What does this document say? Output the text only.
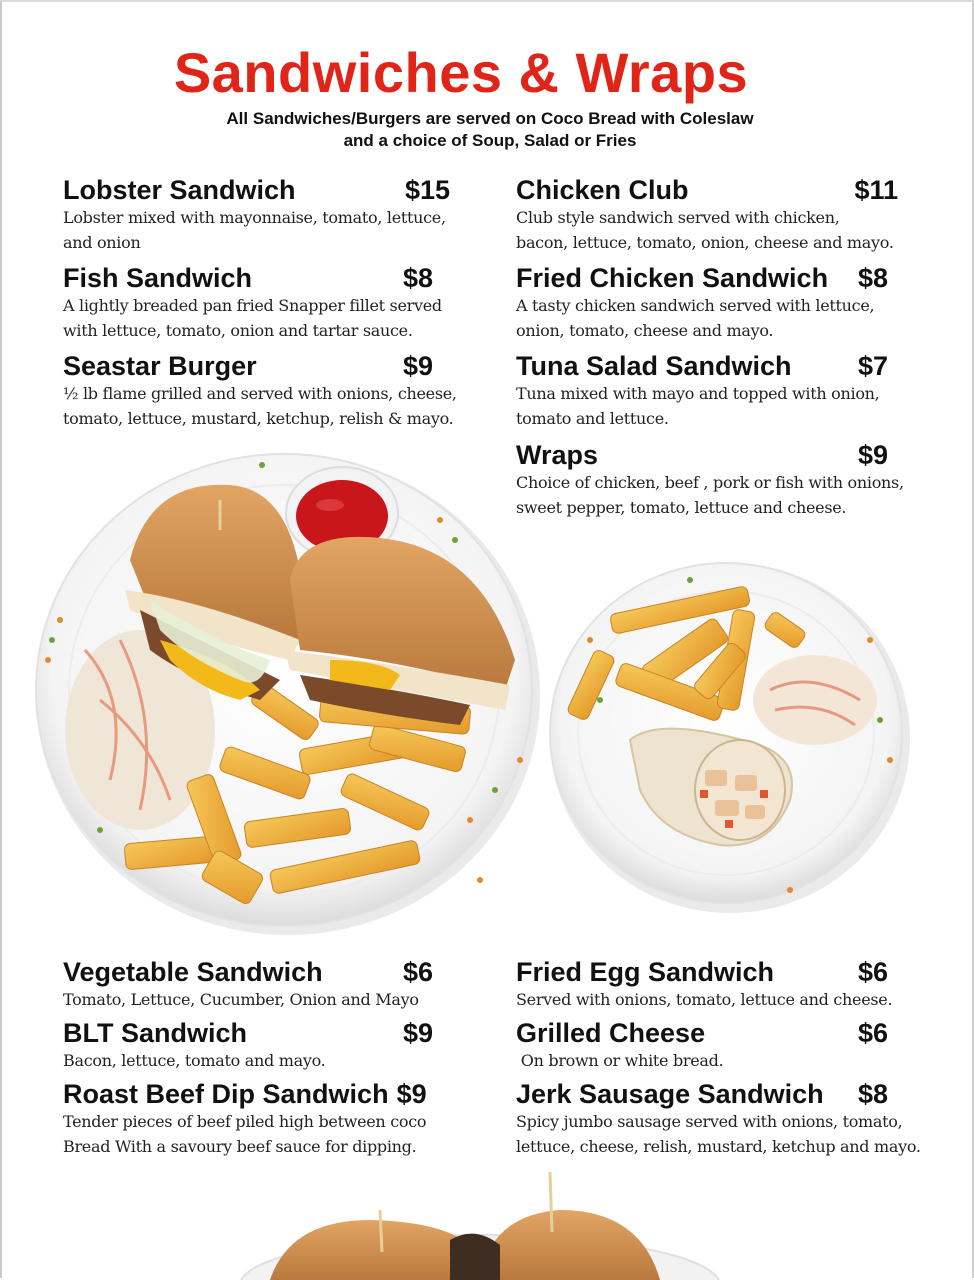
Sandwiches & Wraps
All Sandwiches/Burgers are served on Coco Bread with Coleslaw
and a choice of Soup, Salad or Fries
Lobster Sandwich	$15
Lobster mixed with mayonnaise, tomato, lettuce,
and onion
Fish Sandwich	$8
A lightly breaded pan fried Snapper fillet served
with lettuce, tomato, onion and tartar sauce.
Seastar Burger	$9
½ lb flame grilled and served with onions, cheese,
tomato, lettuce, mustard, ketchup, relish & mayo.
Chicken Club	$11
Club style sandwich served with chicken,
bacon, lettuce, tomato, onion, cheese and mayo.
Fried Chicken Sandwich $8
A tasty chicken sandwich served with lettuce,
onion, tomato, cheese and mayo.
Tuna Salad Sandwich $7
Tuna mixed with mayo and topped with onion,
tomato and lettuce.
Wraps	$9
Choice of chicken, beef , pork or fish with onions,
sweet pepper, tomato, lettuce and cheese.
Vegetable Sandwich	$6
Tomato, Lettuce, Cucumber, Onion and Mayo
BLT Sandwich	$9
Bacon, lettuce, tomato and mayo.
Roast Beef Dip Sandwich $9
Tender pieces of beef piled high between coco
Bread With a savoury beef sauce for dipping.
Fried Egg Sandwich	$6
Served with onions, tomato, lettuce and cheese.
Grilled Cheese	$6
On brown or white bread.
Jerk Sausage Sandwich $8
Spicy jumbo sausage served with onions, tomato,
lettuce, cheese, relish, mustard, ketchup and mayo.
